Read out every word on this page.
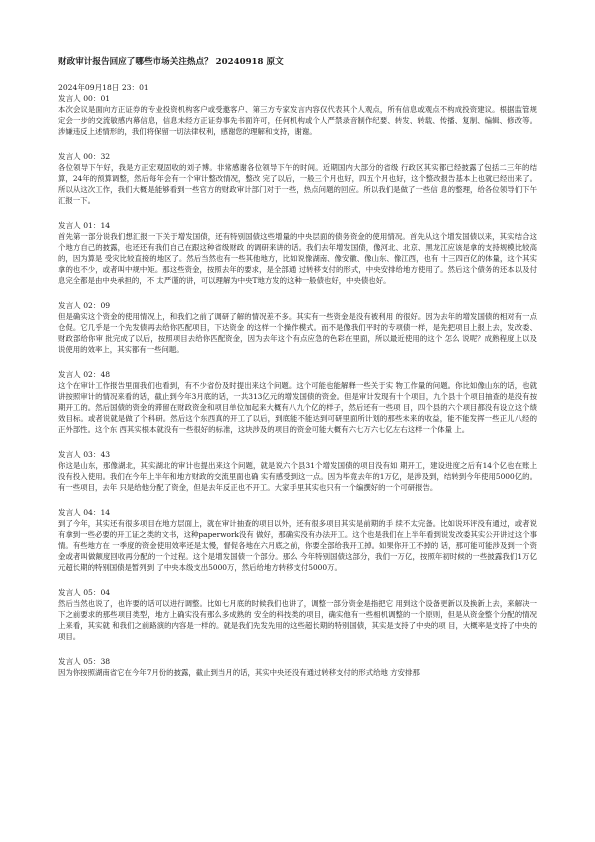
财政审计报告回应了哪些市场关注热点？ 20240918 原文
2024年09月18日 23：01
发言人 00：01
本次会议是面向方正证券的专业投资机构客户或受邀客户、第三方专家发言内容仅代表其个人观点，所有信息或观点不构成投资建议。根据监管规定会一步的交流敏感内幕信息，信息未经方正证券事先书面许可，任何机构或个人严禁录音制作纪要、转发、转载、传播、复制、编辑、修改等。涉嫌违反上述情形的，我们将保留一切法律权利，感谢您的理解和支持，谢谢。
发言人 00：32
各位领导下午好，我是方正宏观固收的刘子博。非常感谢各位领导下午的时间。近期国内大部分的省级 行政区其实都已经披露了包括二三年的结算，24年的预算调整，然后每年会有一个审计整改情况，整改 完了以后，一般三个月也好，四五个月也好，这个整改报告基本上也就已经出来了。所以从这次工作，我们大概是能够看到一些官方的财政审计部门对于一些，热点问题的回应。所以我们是做了一些信 息的整理，给各位领导们下午汇报一下。
发言人 01：14
首先第一部分说我们想汇报一下关于增发国债，还有特别国债这些增量的中央层面的债务资金的使用情况。首先从这个增发国债以来，其实结合这个地方自己的披露，也还还有我们自己在跟这种省级财政 的调研来讲的话。我们去年增发国债，像河北、北京、黑龙江应该是拿的支持规模比较高的，因为算是 受灾比较直接的地区了。然后当然也有一些其他地方，比如说像湖南、像安徽、像山东、像江西，也有 十三四百亿的体量，这个其实拿的也不少，或者叫中规中矩。那这些资金，按照去年的要求，是全部通 过转移支付的形式，中央安排给地方使用了。然后这个债务的还本以及付息完全都是由中央承担的，不 太严谨的讲，可以理解为中央T地方发的这种一般债也好，中央债也好。
发言人 02：09
但是确实这个资金的使用情况上，和我们之前了调研了解的情况差不多。其实有一些资金是没有被利用 的很好。因为去年的增发国债的相对有一点仓促。它几乎是一个先发债再去给你匹配项目，下达资金 的这样一个操作模式。而不是像我们平时的专项债一样，是先把项目上报上去，发改委、财政部给你审 批完成了以后，按照项目去给你匹配资金，因为去年这个有点应急的色彩在里面，所以最近使用的这个 怎么 说呢？成熟程度上以及说使用的效率上，其实都有一些问题。
发言人 02：48
这个在审计工作报告里面我们也看到，有不少省份及时提出来这个问题。这个可能也能解释一些关于实 物工作量的问题。你比如像山东的话，也就讲按照审计的情况来看的话，截止到今年3月底的话，一共313亿元的增发国债的资金。但是审计发现有十个项目，九个县十个项目抽查的是没有按期开工的。然后国债的资金的滞留在财政资金和项目单位加起来大概有八九个亿的样子，然后还有一些项 目，四个县的六个项目都没有设立这个绩效目标。或者说就是做了个科研。然后这个东西真的开工了以后，到底能不能达到可研里面所计划的那些未来的收益，能不能发挥一些正儿八经的正外部性。这个东 西其实根本就没有一些很好的标准，这块涉及的项目的资金可能大概有六七万六七亿左右这样一个体量 上。
发言人 03：43
你这是山东，那像湖北，其实湖北的审计也提出来这个问题，就是说六个县31个增发国债的项目没有如 期开工，建设进度之后有14个亿也在账上没有投入使用。我们在今年上半年和地方财政的交流里面也确 实有感受到这一点。因为毕竟去年的1万亿，是涉及到，结转到今年使用5000亿的。有一些项目，去年 只是给他分配了资金，但是去年反正也不开工。大家手里其实也只有一个编撰好的一个可研报告。
发言人 04：14
到了今年，其实还有很多项目在地方层面上，就在审计抽查的项目以外，还有很多项目其实是前期的手 续不太完备。比如说环评没有通过，或者说有拿到一些必要的开工证之类的文书，这种paperwork没有 做好，那确实没有办法开工。这个也是我们在上半年看到说发改委其实公开讲过这个事情。有些地方在 一季度的资金使用效率还是太慢，督促各地在六月底之前，你要全部给我开工掉。如果你开工不掉的 话，那可能可能涉及到一个资金或者叫做额度回收再分配的一个过程。这个是增发国债一个部分。那么 今年特别国债这部分，我们一万亿，按照年初时候的一些披露我们1万亿元超长期的特别国债是暂列到 了中央本级支出5000万，然后给地方转移支付5000万。
发言人 05：04
然后当然也说了，也许要的话可以进行调整。比如七月底的时候我们也讲了，调整一部分资金是指把它 用到这个设备更新以及换新上去，来解决一下之前要求的那些项目类型，地方上确实没有那么多成熟的 安全的科技类的项目，确实他有一些相机调整的一个原则，但是从资金整个分配的情况上来看，其实就 和我们之前路演的内容是一样的。就是我们先发先用的这些超长期的特别国债，其实是支持了中央的项 目，大概率是支持了中央的项目。
发言人 05：38
因为你按照湖南省它在今年7月份的披露，截止到当月的话，其实中央还没有通过转移支付的形式给地 方安排那
